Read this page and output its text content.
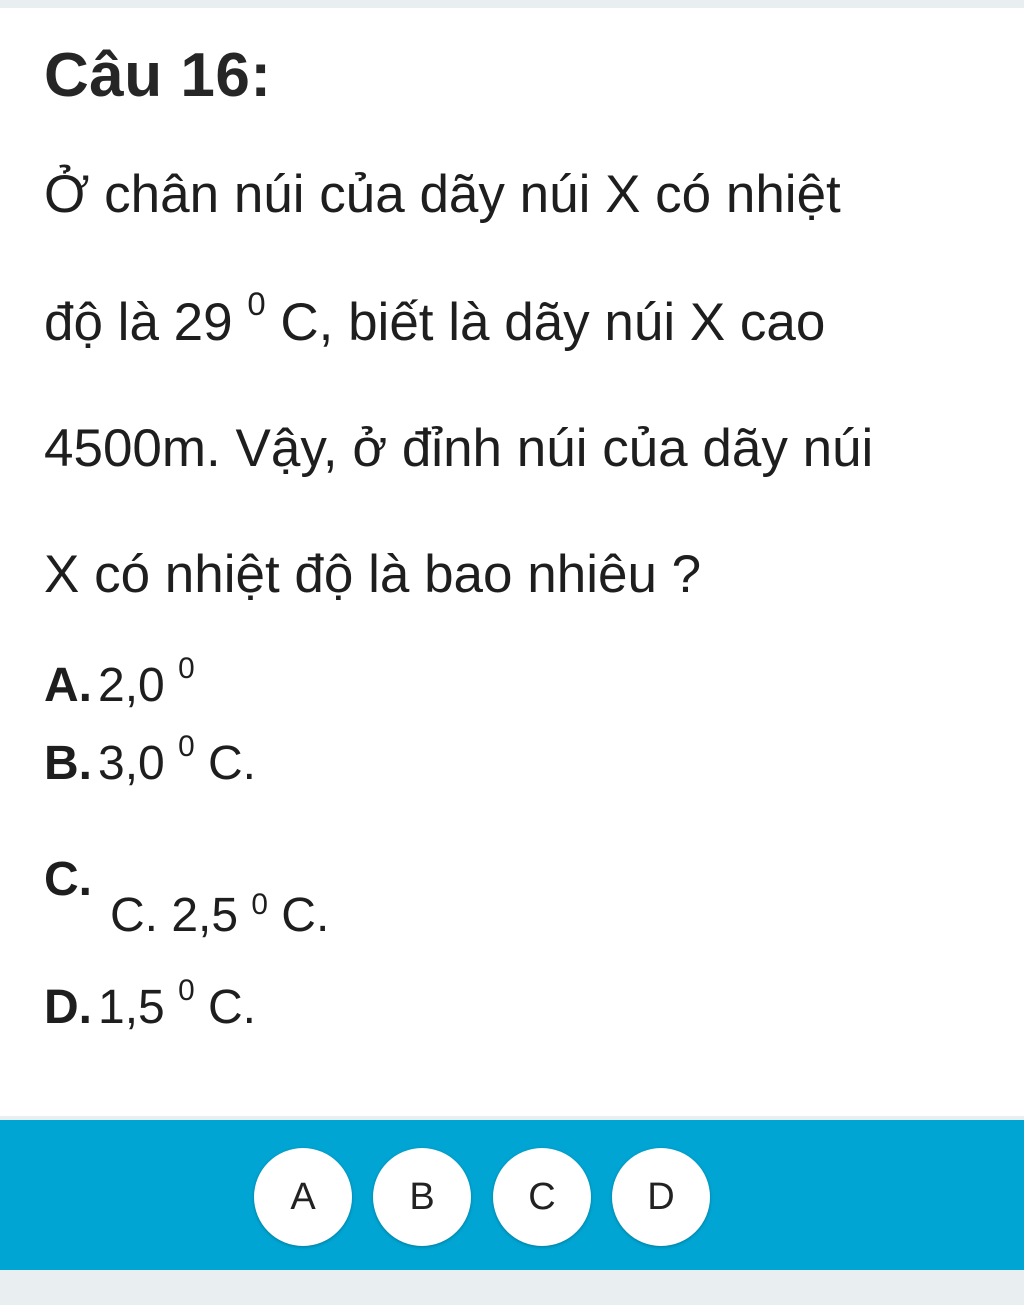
Câu 16:
Ở chân núi của dãy núi X có nhiệt
độ là 29 $^0$ C, biết là dãy núi X cao
4500m. Vậy, ở đỉnh núi của dãy núi
X có nhiệt độ là bao nhiêu ?
A. 2,0 $^0$
B. 3,0 $^0$ C.
C.
C. 2,5 $^0$ C.
D. 1,5 $^0$ C.
A	B	C	D
